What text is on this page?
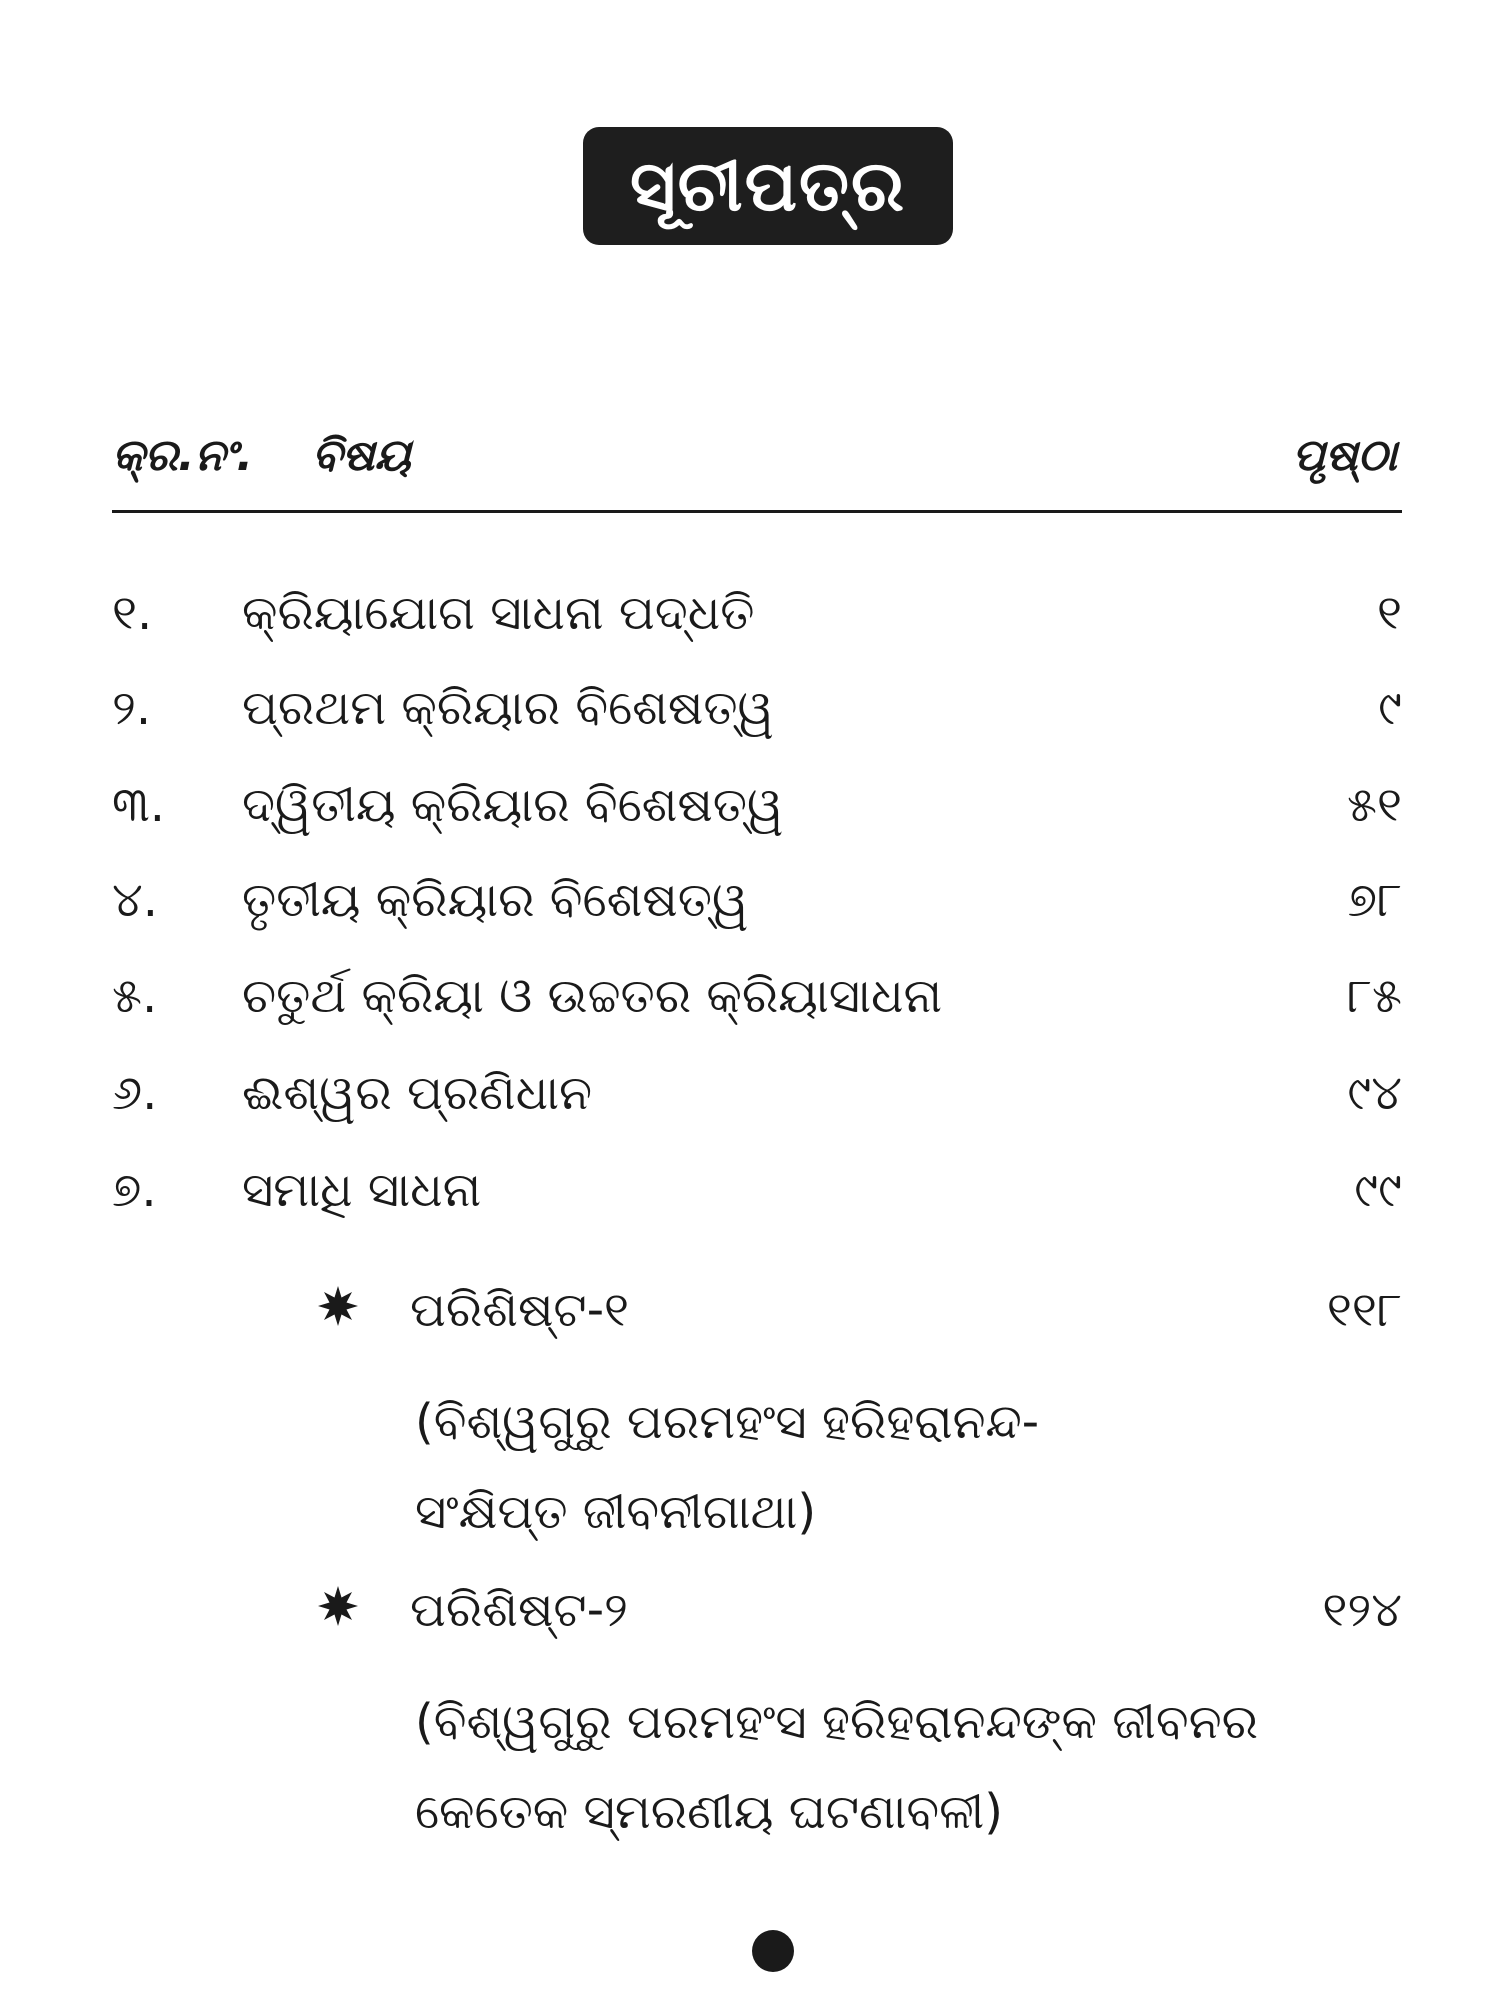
ସୂଚୀପତ୍ର
କ୍ର.ନଂ. ବିଷୟ	ପୃଷ୍ଠା
୧. କ୍ରିୟାଯୋଗ ସାଧନା ପଦ୍ଧତି	୧
୨. ପ୍ରଥମ କ୍ରିୟାର ବିଶେଷତ୍ୱ	୯
୩. ଦ୍ୱିତୀୟ କ୍ରିୟାର ବିଶେଷତ୍ୱ	୫୧
୪. ତୃତୀୟ କ୍ରିୟାର ବିଶେଷତ୍ୱ	୭୮
୫. ଚତୁର୍ଥ କ୍ରିୟା ଓ ଉଚ୍ଚତର କ୍ରିୟାସାଧନା	୮୫
୬. ଈଶ୍ୱର ପ୍ରଣିଧାନ	୯୪
୭. ସମାଧି ସାଧନା	୯୯
ପରିଶିଷ୍ଟ-୧	୧୧୮
(ବିଶ୍ୱଗୁରୁ ପରମହଂସ ହରିହରାନନ୍ଦ-
ସଂକ୍ଷିପ୍ତ ଜୀବନୀଗାଥା)
ପରିଶିଷ୍ଟ-୨	୧୨୪
(ବିଶ୍ୱଗୁରୁ ପରମହଂସ ହରିହରାନନ୍ଦଙ୍କ ଜୀବନର
କେତେକ ସ୍ମରଣୀୟ ଘଟଣାବଳୀ)
